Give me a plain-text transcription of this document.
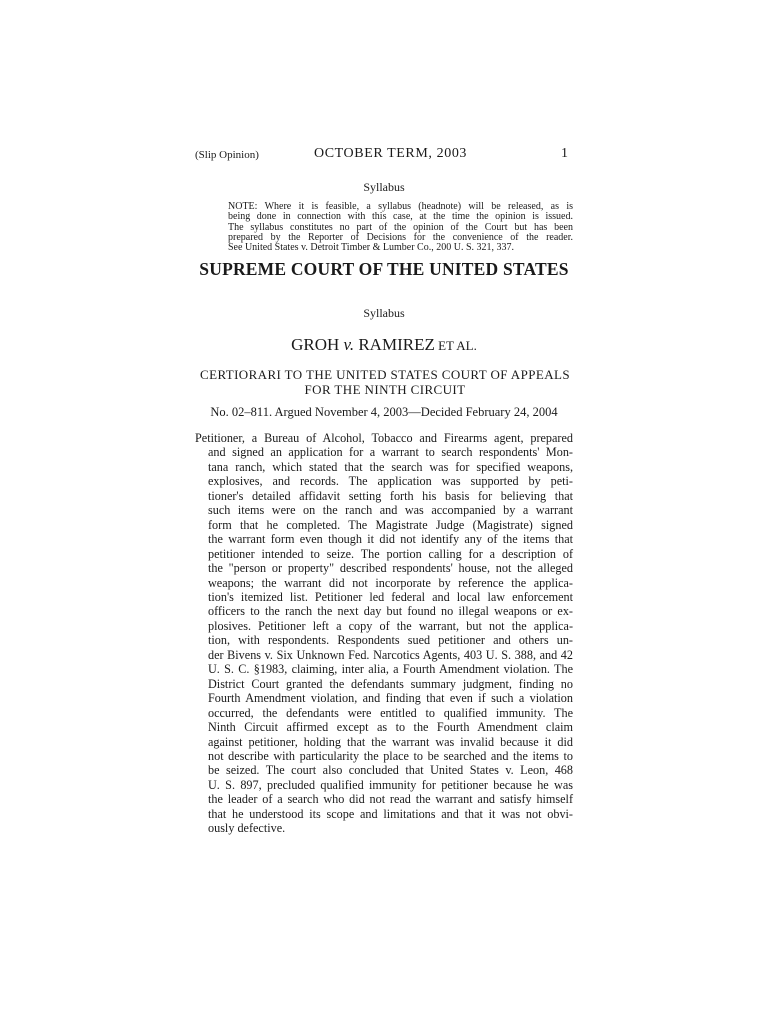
(Slip Opinion)	OCTOBER TERM, 2003	1
Syllabus
NOTE: Where it is feasible, a syllabus (headnote) will be released, as is
being done in connection with this case, at the time the opinion is issued.
The syllabus constitutes no part of the opinion of the Court but has been
prepared by the Reporter of Decisions for the convenience of the reader.
See United States v. Detroit Timber & Lumber Co., 200 U. S. 321, 337.
SUPREME COURT OF THE UNITED STATES
Syllabus
GROH v. RAMIREZ ET AL.
CERTIORARI TO THE UNITED STATES COURT OF APPEALS FOR THE NINTH CIRCUIT
No. 02–811. Argued November 4, 2003—Decided February 24, 2004
Petitioner, a Bureau of Alcohol, Tobacco and Firearms agent, prepared
and signed an application for a warrant to search respondents' Mon-
tana ranch, which stated that the search was for specified weapons,
explosives, and records. The application was supported by peti-
tioner's detailed affidavit setting forth his basis for believing that
such items were on the ranch and was accompanied by a warrant
form that he completed. The Magistrate Judge (Magistrate) signed
the warrant form even though it did not identify any of the items that
petitioner intended to seize. The portion calling for a description of
the "person or property" described respondents' house, not the alleged
weapons; the warrant did not incorporate by reference the applica-
tion's itemized list. Petitioner led federal and local law enforcement
officers to the ranch the next day but found no illegal weapons or ex-
plosives. Petitioner left a copy of the warrant, but not the applica-
tion, with respondents. Respondents sued petitioner and others un-
der Bivens v. Six Unknown Fed. Narcotics Agents, 403 U. S. 388, and 42
U. S. C. §1983, claiming, inter alia, a Fourth Amendment violation. The
District Court granted the defendants summary judgment, finding no
Fourth Amendment violation, and finding that even if such a violation
occurred, the defendants were entitled to qualified immunity. The
Ninth Circuit affirmed except as to the Fourth Amendment claim
against petitioner, holding that the warrant was invalid because it did
not describe with particularity the place to be searched and the items to
be seized. The court also concluded that United States v. Leon, 468
U. S. 897, precluded qualified immunity for petitioner because he was
the leader of a search who did not read the warrant and satisfy himself
that he understood its scope and limitations and that it was not obvi-
ously defective.
